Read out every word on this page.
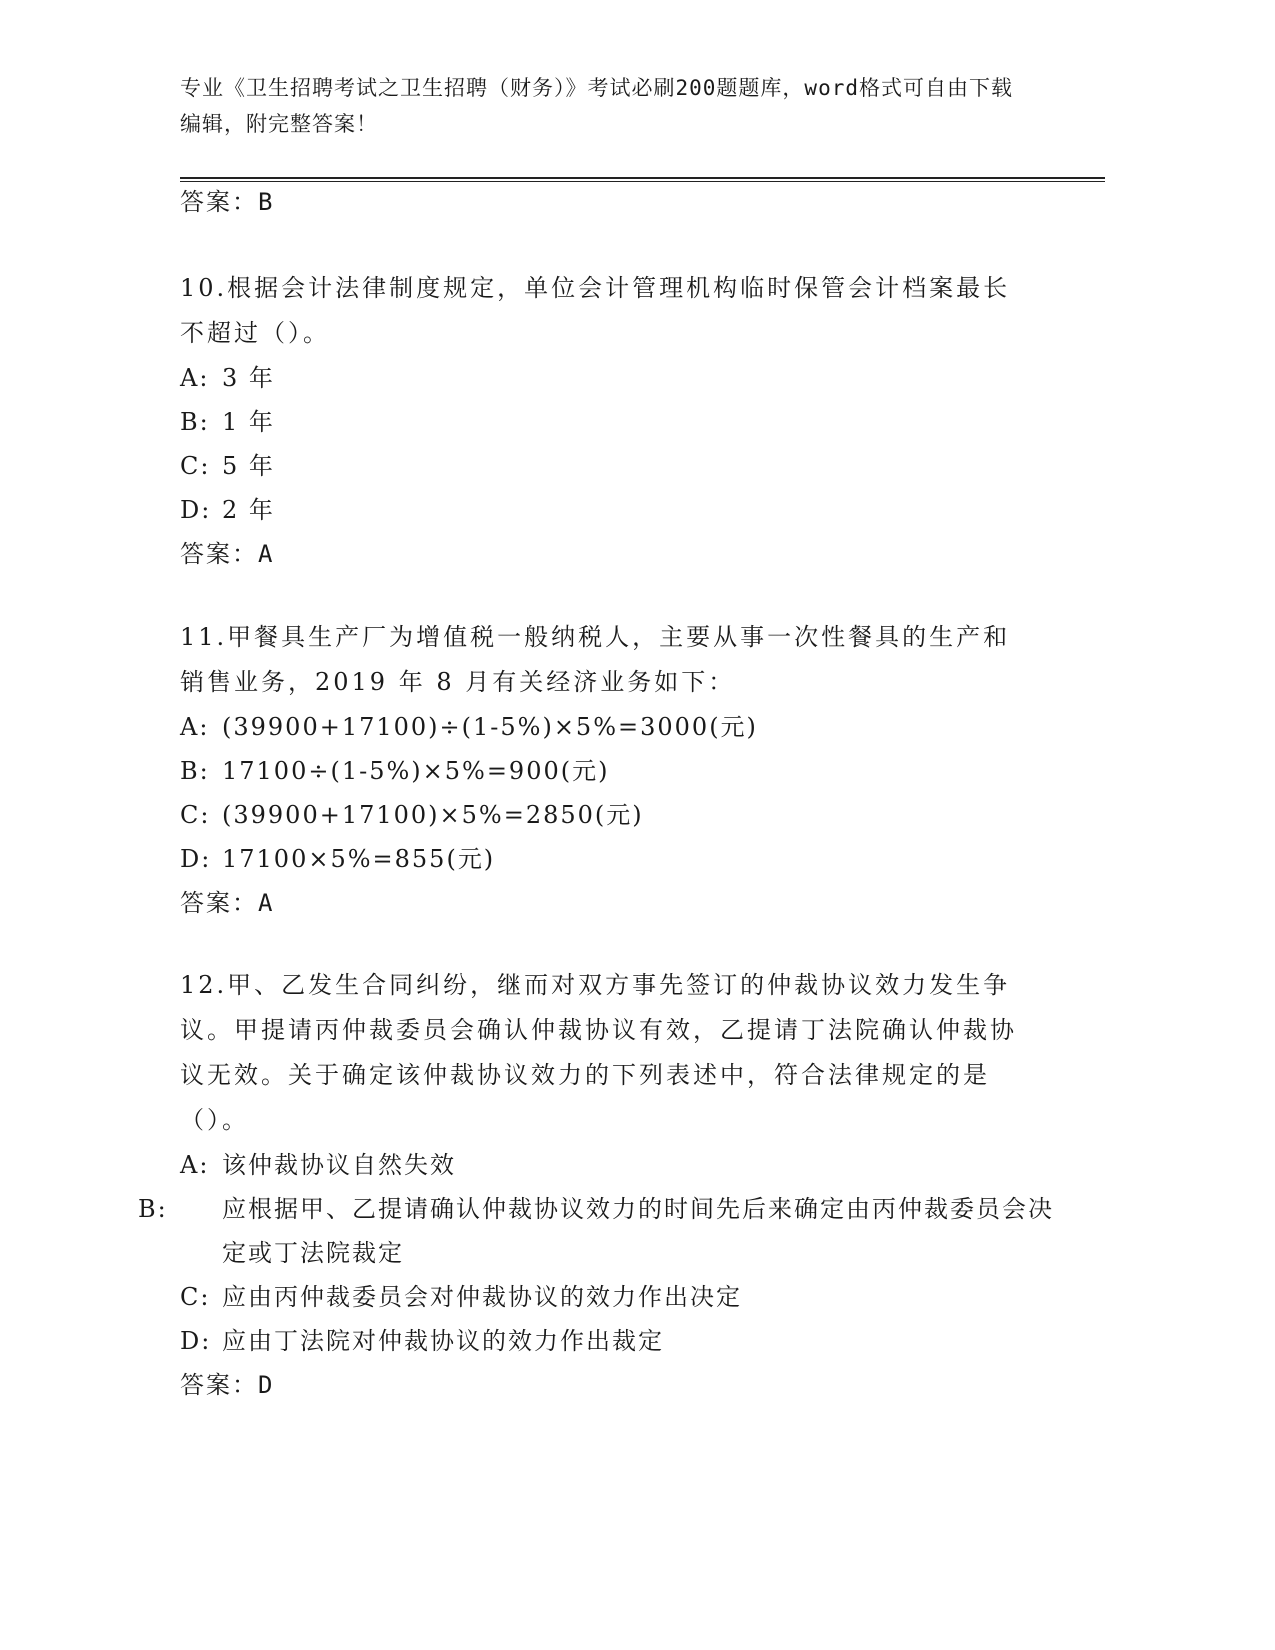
专业《卫生招聘考试之卫生招聘（财务）》考试必刷200题题库，word格式可自由下载编辑，附完整答案！
答案：B
10.根据会计法律制度规定，单位会计管理机构临时保管会计档案最长不超过（）。
A: 3 年
B: 1 年
C: 5 年
D: 2 年
答案：A
11.甲餐具生产厂为增值税一般纳税人，主要从事一次性餐具的生产和销售业务，2019 年 8 月有关经济业务如下：
A: (39900+17100)÷(1-5%)×5%=3000(元)
B: 17100÷(1-5%)×5%=900(元)
C: (39900+17100)×5%=2850(元)
D: 17100×5%=855(元)
答案：A
12.甲、乙发生合同纠纷，继而对双方事先签订的仲裁协议效力发生争议。甲提请丙仲裁委员会确认仲裁协议有效，乙提请丁法院确认仲裁协议无效。关于确定该仲裁协议效力的下列表述中，符合法律规定的是（）。
A: 该仲裁协议自然失效
B: 应根据甲、乙提请确认仲裁协议效力的时间先后来确定由丙仲裁委员会决定或丁法院裁定
C: 应由丙仲裁委员会对仲裁协议的效力作出决定
D: 应由丁法院对仲裁协议的效力作出裁定
答案：D
